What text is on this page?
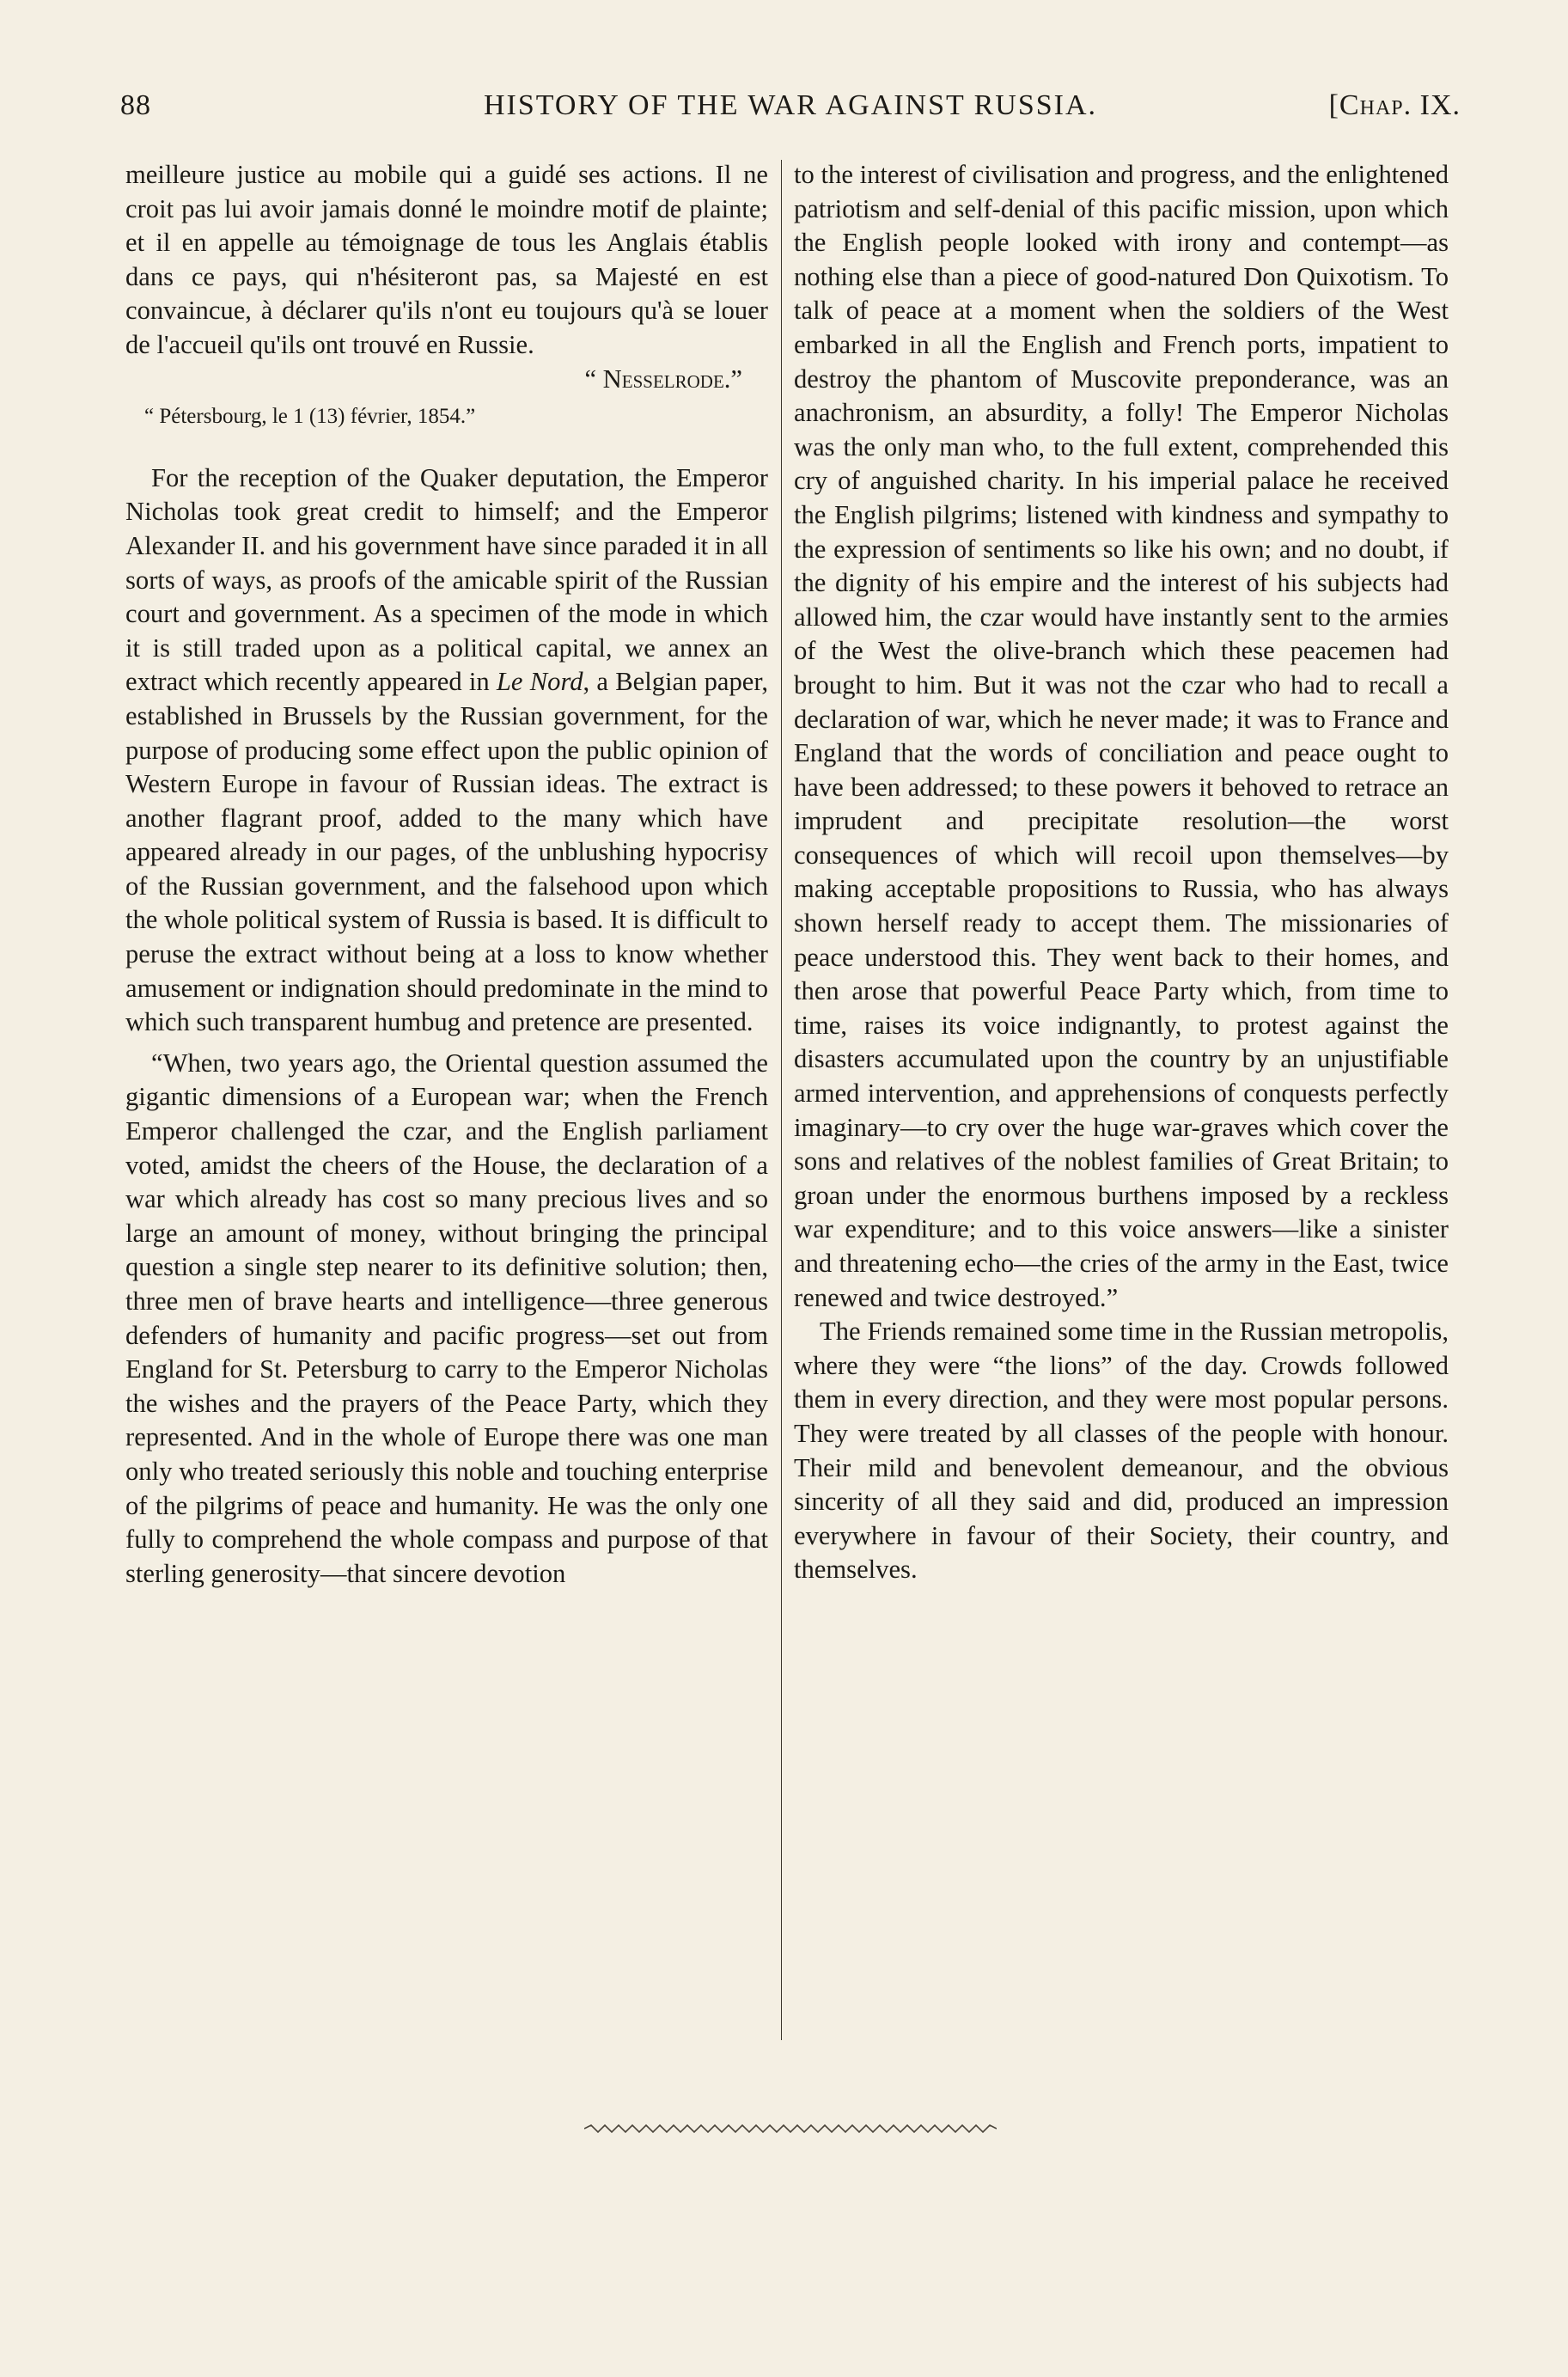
88	HISTORY OF THE WAR AGAINST RUSSIA.	[Chap. IX.

meilleure justice au mobile qui a guidé ses actions. Il ne croit pas lui avoir jamais donné le moindre motif de plainte; et il en appelle au témoignage de tous les Anglais établis dans ce pays, qui n'hésiteront pas, sa Majesté en est convaincue, à déclarer qu'ils n'ont eu toujours qu'à se louer de l'accueil qu'ils ont trouvé en Russie.

“ Nesselrode.”

“ Pétersbourg, le 1 (13) février, 1854.”

For the reception of the Quaker deputation, the Emperor Nicholas took great credit to himself; and the Emperor Alexander II. and his government have since paraded it in all sorts of ways, as proofs of the amicable spirit of the Russian court and government. As a specimen of the mode in which it is still traded upon as a political capital, we annex an extract which recently appeared in Le Nord, a Belgian paper, established in Brussels by the Russian government, for the purpose of producing some effect upon the public opinion of Western Europe in favour of Russian ideas. The extract is another flagrant proof, added to the many which have appeared already in our pages, of the unblushing hypocrisy of the Russian government, and the falsehood upon which the whole political system of Russia is based. It is difficult to peruse the extract without being at a loss to know whether amusement or indignation should predominate in the mind to which such transparent humbug and pretence are presented.

“When, two years ago, the Oriental question assumed the gigantic dimensions of a European war; when the French Emperor challenged the czar, and the English parliament voted, amidst the cheers of the House, the declaration of a war which already has cost so many precious lives and so large an amount of money, without bringing the principal question a single step nearer to its definitive solution; then, three men of brave hearts and intelligence—three generous defenders of humanity and pacific progress—set out from England for St. Petersburg to carry to the Emperor Nicholas the wishes and the prayers of the Peace Party, which they represented. And in the whole of Europe there was one man only who treated seriously this noble and touching enterprise of the pilgrims of peace and humanity. He was the only one fully to comprehend the whole compass and purpose of that sterling generosity—that sincere devotion

to the interest of civilisation and progress, and the enlightened patriotism and self-denial of this pacific mission, upon which the English people looked with irony and contempt—as nothing else than a piece of good-natured Don Quixotism. To talk of peace at a moment when the soldiers of the West embarked in all the English and French ports, impatient to destroy the phantom of Muscovite preponderance, was an anachronism, an absurdity, a folly! The Emperor Nicholas was the only man who, to the full extent, comprehended this cry of anguished charity. In his imperial palace he received the English pilgrims; listened with kindness and sympathy to the expression of sentiments so like his own; and no doubt, if the dignity of his empire and the interest of his subjects had allowed him, the czar would have instantly sent to the armies of the West the olive-branch which these peacemen had brought to him. But it was not the czar who had to recall a declaration of war, which he never made; it was to France and England that the words of conciliation and peace ought to have been addressed; to these powers it behoved to retrace an imprudent and precipitate resolution—the worst consequences of which will recoil upon themselves—by making acceptable propositions to Russia, who has always shown herself ready to accept them. The missionaries of peace understood this. They went back to their homes, and then arose that powerful Peace Party which, from time to time, raises its voice indignantly, to protest against the disasters accumulated upon the country by an unjustifiable armed intervention, and apprehensions of conquests perfectly imaginary—to cry over the huge war-graves which cover the sons and relatives of the noblest families of Great Britain; to groan under the enormous burthens imposed by a reckless war expenditure; and to this voice answers—like a sinister and threatening echo—the cries of the army in the East, twice renewed and twice destroyed.”

The Friends remained some time in the Russian metropolis, where they were “the lions” of the day. Crowds followed them in every direction, and they were most popular persons. They were treated by all classes of the people with honour. Their mild and benevolent demeanour, and the obvious sincerity of all they said and did, produced an impression everywhere in favour of their Society, their country, and themselves.
